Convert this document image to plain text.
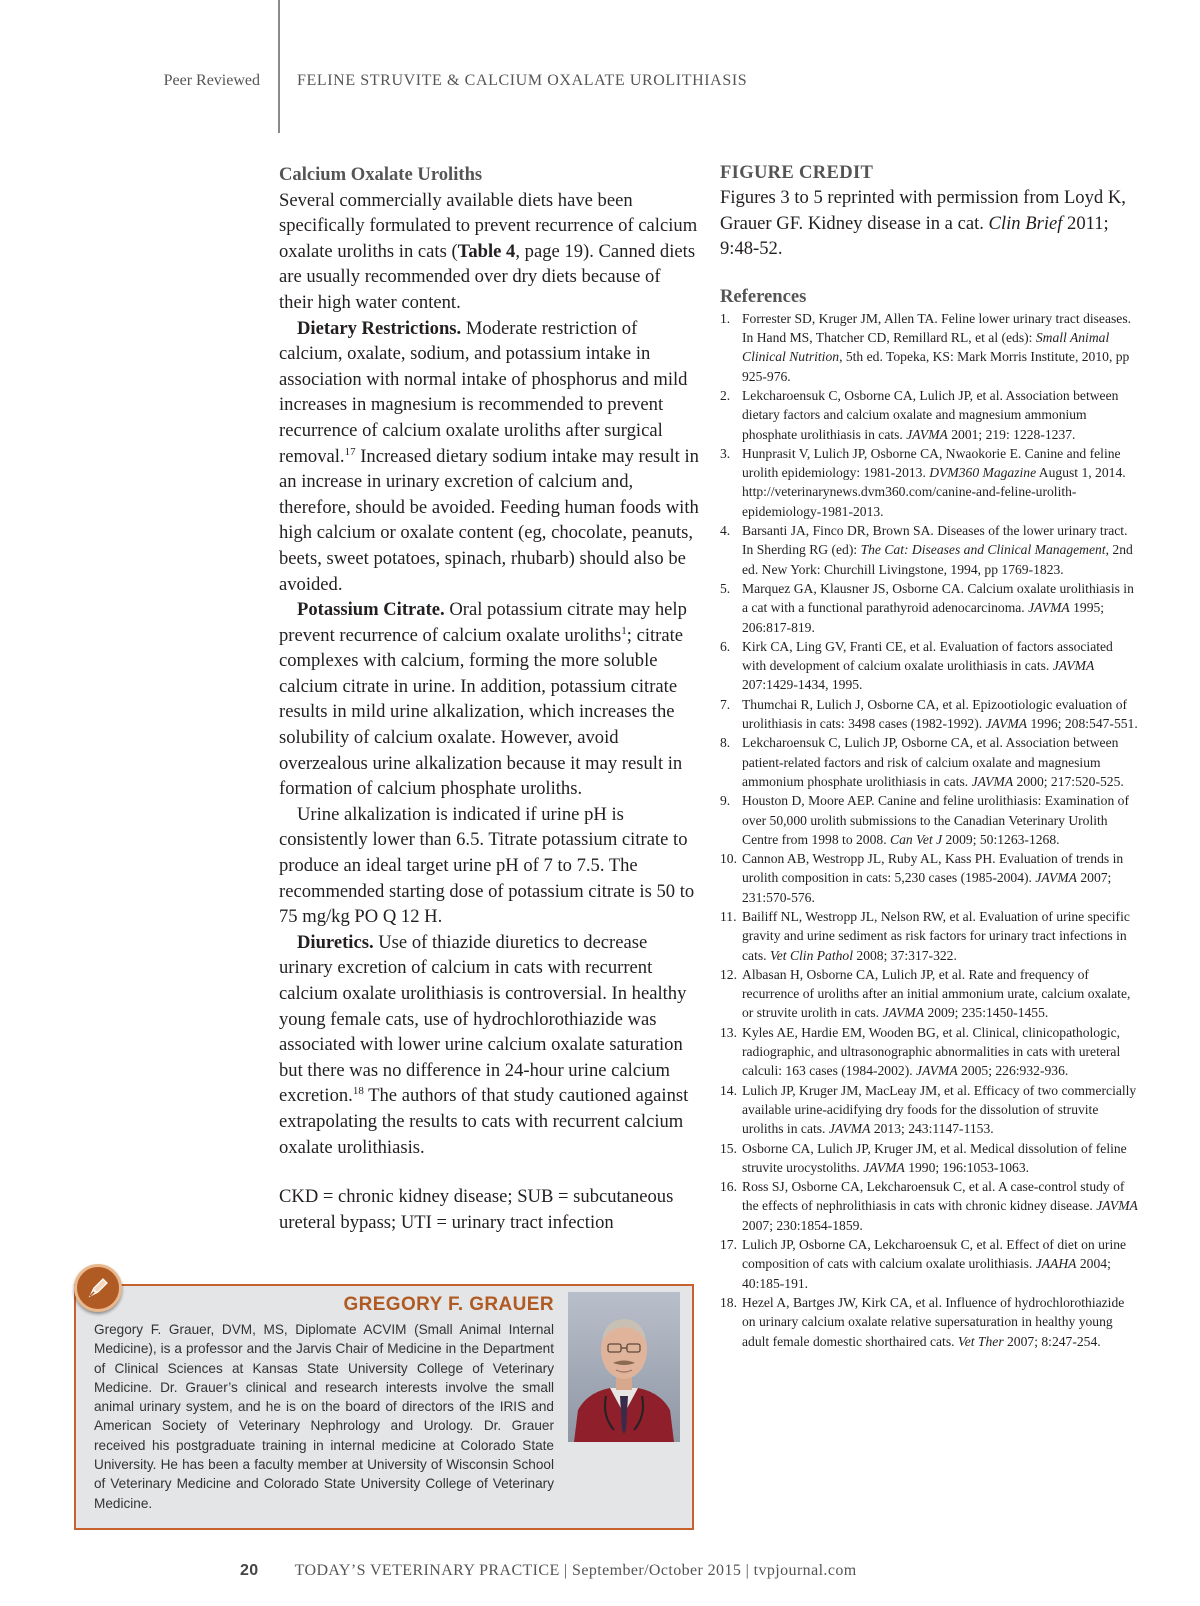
Peer Reviewed FELINE STRUVITE & CALCIUM OXALATE UROLITHIASIS
Calcium Oxalate Uroliths

Several commercially available diets have been specifically formulated to prevent recurrence of calcium oxalate uroliths in cats (Table 4, page 19). Canned diets are usually recommended over dry diets because of their high water content.

Dietary Restrictions. Moderate restriction of calcium, oxalate, sodium, and potassium intake in association with normal intake of phosphorus and mild increases in magnesium is recommended to prevent recurrence of calcium oxalate uroliths after surgical removal.$^{17}$ Increased dietary sodium intake may result in an increase in urinary excretion of calcium and, therefore, should be avoided. Feeding human foods with high calcium or oxalate content (eg, chocolate, peanuts, beets, sweet potatoes, spinach, rhubarb) should also be avoided.

Potassium Citrate. Oral potassium citrate may help prevent recurrence of calcium oxalate uroliths$^1$; citrate complexes with calcium, forming the more soluble calcium citrate in urine. In addition, potassium citrate results in mild urine alkalization, which increases the solubility of calcium oxalate. However, avoid overzealous urine alkalization because it may result in formation of calcium phosphate uroliths.

Urine alkalization is indicated if urine pH is consistently lower than 6.5. Titrate potassium citrate to produce an ideal target urine pH of 7 to 7.5. The recommended starting dose of potassium citrate is 50 to 75 mg/kg PO Q 12 H.

Diuretics. Use of thiazide diuretics to decrease urinary excretion of calcium in cats with recurrent calcium oxalate urolithiasis is controversial. In healthy young female cats, use of hydrochlorothiazide was associated with lower urine calcium oxalate saturation but there was no difference in 24-hour urine calcium excretion.$^{18}$ The authors of that study cautioned against extrapolating the results to cats with recurrent calcium oxalate urolithiasis.

CKD = chronic kidney disease; SUB = subcutaneous ureteral bypass; UTI = urinary tract infection

FIGURE CREDIT
Figures 3 to 5 reprinted with permission from Loyd K, Grauer GF. Kidney disease in a cat. Clin Brief 2011; 9:48-52.
References
1. Forrester SD, Kruger JM, Allen TA. Feline lower urinary tract diseases. In Hand MS, Thatcher CD, Remillard RL, et al (eds): Small Animal Clinical Nutrition, 5th ed. Topeka, KS: Mark Morris Institute, 2010, pp 925-976.
2. Lekcharoensuk C, Osborne CA, Lulich JP, et al. Association between dietary factors and calcium oxalate and magnesium ammonium phosphate urolithiasis in cats. JAVMA 2001; 219: 1228-1237.
3. Hunprasit V, Lulich JP, Osborne CA, Nwaokorie E. Canine and feline urolith epidemiology: 1981-2013. DVM360 Magazine August 1, 2014. http://veterinarynews.dvm360.com/canine-and-feline-urolith-epidemiology-1981-2013.
4. Barsanti JA, Finco DR, Brown SA. Diseases of the lower urinary tract. In Sherding RG (ed): The Cat: Diseases and Clinical Management, 2nd ed. New York: Churchill Livingstone, 1994, pp 1769-1823.
5. Marquez GA, Klausner JS, Osborne CA. Calcium oxalate urolithiasis in a cat with a functional parathyroid adenocarcinoma. JAVMA 1995; 206:817-819.
6. Kirk CA, Ling GV, Franti CE, et al. Evaluation of factors associated with development of calcium oxalate urolithiasis in cats. JAVMA 207:1429-1434, 1995.
7. Thumchai R, Lulich J, Osborne CA, et al. Epizootiologic evaluation of urolithiasis in cats: 3498 cases (1982-1992). JAVMA 1996; 208:547-551.
8. Lekcharoensuk C, Lulich JP, Osborne CA, et al. Association between patient-related factors and risk of calcium oxalate and magnesium ammonium phosphate urolithiasis in cats. JAVMA 2000; 217:520-525.
9. Houston D, Moore AEP. Canine and feline urolithiasis: Examination of over 50,000 urolith submissions to the Canadian Veterinary Urolith Centre from 1998 to 2008. Can Vet J 2009; 50:1263-1268.
10. Cannon AB, Westropp JL, Ruby AL, Kass PH. Evaluation of trends in urolith composition in cats: 5,230 cases (1985-2004). JAVMA 2007; 231:570-576.
11. Bailiff NL, Westropp JL, Nelson RW, et al. Evaluation of urine specific gravity and urine sediment as risk factors for urinary tract infections in cats. Vet Clin Pathol 2008; 37:317-322.
12. Albasan H, Osborne CA, Lulich JP, et al. Rate and frequency of recurrence of uroliths after an initial ammonium urate, calcium oxalate, or struvite urolith in cats. JAVMA 2009; 235:1450-1455.
13. Kyles AE, Hardie EM, Wooden BG, et al. Clinical, clinicopathologic, radiographic, and ultrasonographic abnormalities in cats with ureteral calculi: 163 cases (1984-2002). JAVMA 2005; 226:932-936.
14. Lulich JP, Kruger JM, MacLeay JM, et al. Efficacy of two commercially available urine-acidifying dry foods for the dissolution of struvite uroliths in cats. JAVMA 2013; 243:1147-1153.
15. Osborne CA, Lulich JP, Kruger JM, et al. Medical dissolution of feline struvite urocystoliths. JAVMA 1990; 196:1053-1063.
16. Ross SJ, Osborne CA, Lekcharoensuk C, et al. A case-control study of the effects of nephrolithiasis in cats with chronic kidney disease. JAVMA 2007; 230:1854-1859.
17. Lulich JP, Osborne CA, Lekcharoensuk C, et al. Effect of diet on urine composition of cats with calcium oxalate urolithiasis. JAAHA 2004; 40:185-191.
18. Hezel A, Bartges JW, Kirk CA, et al. Influence of hydrochlorothiazide on urinary calcium oxalate relative supersaturation in healthy young adult female domestic shorthaired cats. Vet Ther 2007; 8:247-254.
GREGORY F. GRAUER
Gregory F. Grauer, DVM, MS, Diplomate ACVIM (Small Animal Internal Medicine), is a professor and the Jarvis Chair of Medicine in the Department of Clinical Sciences at Kansas State University College of Veterinary Medicine. Dr. Grauer’s clinical and research interests involve the small animal urinary system, and he is on the board of directors of the IRIS and American Society of Veterinary Nephrology and Urology. Dr. Grauer received his postgraduate training in internal medicine at Colorado State University. He has been a faculty member at University of Wisconsin School of Veterinary Medicine and Colorado State University College of Veterinary Medicine.
20 TODAY’S VETERINARY PRACTICE | September/October 2015 | tvpjournal.com
